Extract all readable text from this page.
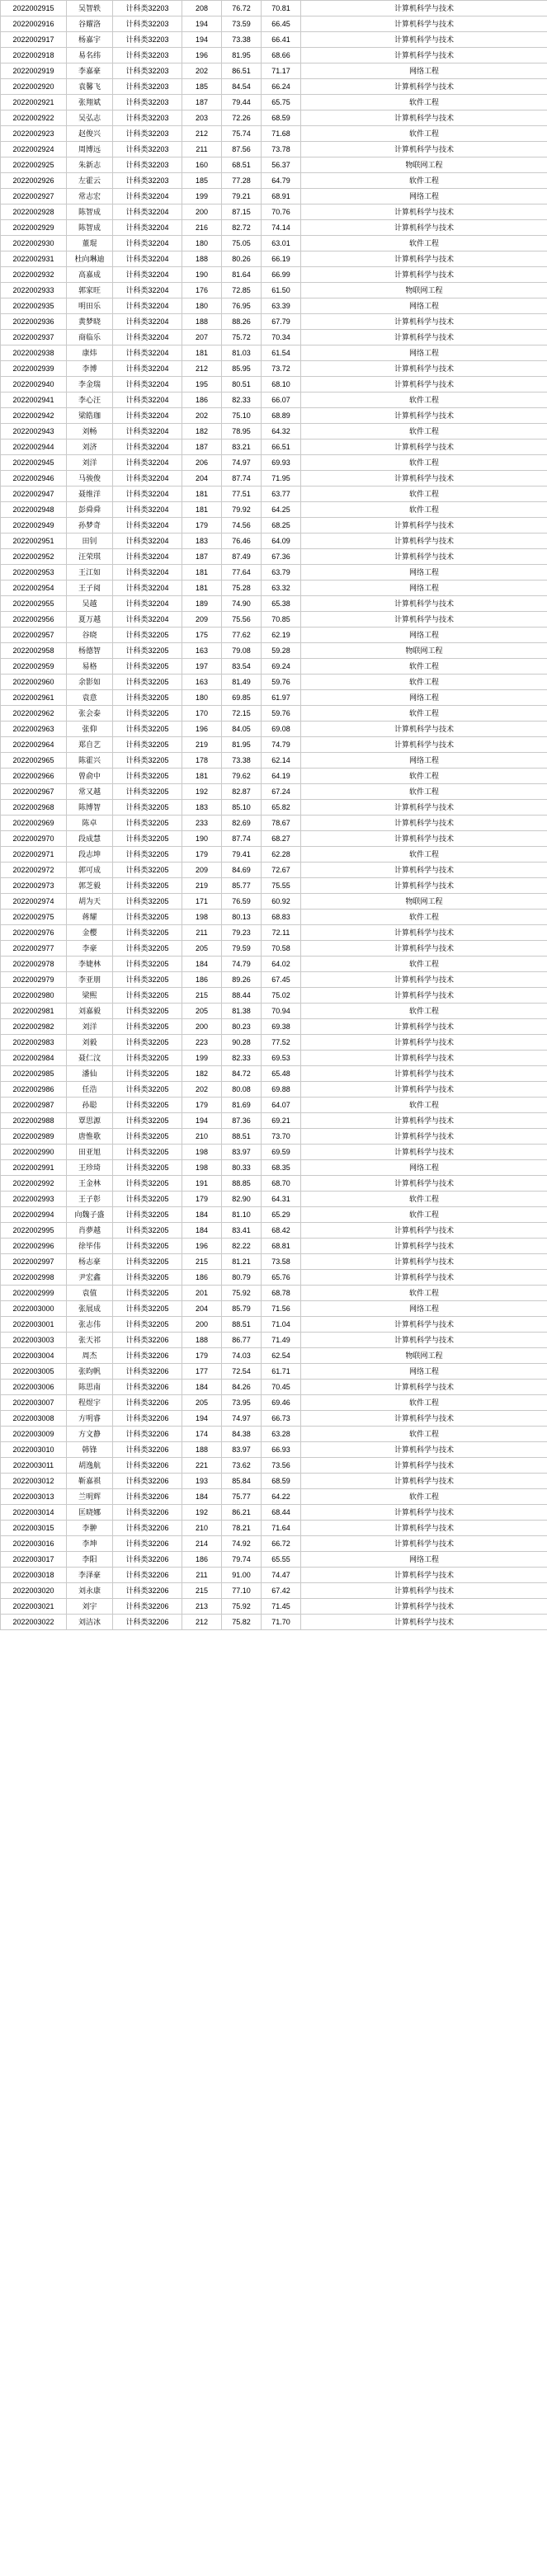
2022002915	吴智轶	计科类32203	208	76.72	70.81	计算机科学与技术
2022002916	谷耀洛	计科类32203	194	73.59	66.45	计算机科学与技术
2022002917	杨嘉宇	计科类32203	194	73.38	66.41	计算机科学与技术
2022002918	易名纬	计科类32203	196	81.95	68.66	计算机科学与技术
2022002919	李嘉豪	计科类32203	202	86.51	71.17	网络工程
2022002920	袁馨飞	计科类32203	185	84.54	66.24	计算机科学与技术
2022002921	张翔斌	计科类32203	187	79.44	65.75	软件工程
2022002922	吴弘志	计科类32203	203	72.26	68.59	计算机科学与技术
2022002923	赵俊兴	计科类32203	212	75.74	71.68	软件工程
2022002924	周博远	计科类32203	211	87.56	73.78	计算机科学与技术
2022002925	朱新志	计科类32203	160	68.51	56.37	物联网工程
2022002926	左霍云	计科类32203	185	77.28	64.79	软件工程
2022002927	常志宏	计科类32204	199	79.21	68.91	网络工程
2022002928	陈智成	计科类32204	200	87.15	70.76	计算机科学与技术
2022002929	陈智成	计科类32204	216	82.72	74.14	计算机科学与技术
2022002930	董琨	计科类32204	180	75.05	63.01	软件工程
2022002931	杜向琳迪	计科类32204	188	80.26	66.19	计算机科学与技术
2022002932	高嘉成	计科类32204	190	81.64	66.99	计算机科学与技术
2022002933	郭家旺	计科类32204	176	72.85	61.50	物联网工程
2022002935	明田乐	计科类32204	180	76.95	63.39	网络工程
2022002936	黄梦晓	计科类32204	188	88.26	67.79	计算机科学与技术
2022002937	商临乐	计科类32204	207	75.72	70.34	计算机科学与技术
2022002938	康炜	计科类32204	181	81.03	61.54	网络工程
2022002939	李博	计科类32204	212	85.95	73.72	计算机科学与技术
2022002940	李金瑞	计科类32204	195	80.51	68.10	计算机科学与技术
2022002941	李心汪	计科类32204	186	82.33	66.07	软件工程
2022002942	梁皓珈	计科类32204	202	75.10	68.89	计算机科学与技术
2022002943	刘畅	计科类32204	182	78.95	64.32	软件工程
2022002944	刘济	计科类32204	187	83.21	66.51	计算机科学与技术
2022002945	刘洋	计科类32204	206	74.97	69.93	软件工程
2022002946	马骏俊	计科类32204	204	87.74	71.95	计算机科学与技术
2022002947	聂维洋	计科类32204	181	77.51	63.77	软件工程
2022002948	彭舜舜	计科类32204	181	79.92	64.25	软件工程
2022002949	孙梦奇	计科类32204	179	74.56	68.25	计算机科学与技术
2022002951	田钊	计科类32204	183	76.46	64.09	计算机科学与技术
2022002952	汪荣琪	计科类32204	187	87.49	67.36	计算机科学与技术
2022002953	王江如	计科类32204	181	77.64	63.79	网络工程
2022002954	王子阅	计科类32204	181	75.28	63.32	网络工程
2022002955	吴越	计科类32204	189	74.90	65.38	计算机科学与技术
2022002956	夏万越	计科类32204	209	75.56	70.85	计算机科学与技术
2022002957	谷晓	计科类32205	175	77.62	62.19	网络工程
2022002958	杨德智	计科类32205	163	79.08	59.28	物联网工程
2022002959	易格	计科类32205	197	83.54	69.24	软件工程
2022002960	余影如	计科类32205	163	81.49	59.76	软件工程
2022002961	袁意	计科类32205	180	69.85	61.97	网络工程
2022002962	张会泰	计科类32205	170	72.15	59.76	软件工程
2022002963	张仰	计科类32205	196	84.05	69.08	计算机科学与技术
2022002964	郑自艺	计科类32205	219	81.95	74.79	计算机科学与技术
2022002965	陈霍兴	计科类32205	178	73.38	62.14	网络工程
2022002966	曾俞中	计科类32205	181	79.62	64.19	软件工程
2022002967	常又越	计科类32205	192	82.87	67.24	软件工程
2022002968	陈博智	计科类32205	183	85.10	65.82	计算机科学与技术
2022002969	陈卓	计科类32205	233	82.69	78.67	计算机科学与技术
2022002970	段成慧	计科类32205	190	87.74	68.27	计算机科学与技术
2022002971	段志坤	计科类32205	179	79.41	62.28	软件工程
2022002972	郭可成	计科类32205	209	84.69	72.67	计算机科学与技术
2022002973	郭芝毅	计科类32205	219	85.77	75.55	计算机科学与技术
2022002974	胡为天	计科类32205	171	76.59	60.92	物联网工程
2022002975	蒋耀	计科类32205	198	80.13	68.83	软件工程
2022002976	金樱	计科类32205	211	79.23	72.11	计算机科学与技术
2022002977	李豪	计科类32205	205	79.59	70.58	计算机科学与技术
2022002978	李婕林	计科类32205	184	74.79	64.02	软件工程
2022002979	李亚朋	计科类32205	186	89.26	67.45	计算机科学与技术
2022002980	梁熙	计科类32205	215	88.44	75.02	计算机科学与技术
2022002981	刘嘉毅	计科类32205	205	81.38	70.94	软件工程
2022002982	刘洋	计科类32205	200	80.23	69.38	计算机科学与技术
2022002983	刘毅	计科类32205	223	90.28	77.52	计算机科学与技术
2022002984	聂仁汶	计科类32205	199	82.33	69.53	计算机科学与技术
2022002985	潘仙	计科类32205	182	84.72	65.48	计算机科学与技术
2022002986	任浩	计科类32205	202	80.08	69.88	计算机科学与技术
2022002987	孙聪	计科类32205	179	81.69	64.07	软件工程
2022002988	覃思源	计科类32205	194	87.36	69.21	计算机科学与技术
2022002989	唐惟歌	计科类32205	210	88.51	73.70	计算机科学与技术
2022002990	田亚旭	计科类32205	198	83.97	69.59	计算机科学与技术
2022002991	王珍琦	计科类32205	198	80.33	68.35	网络工程
2022002992	王金林	计科类32205	191	88.85	68.70	计算机科学与技术
2022002993	王子彰	计科类32205	179	82.90	64.31	软件工程
2022002994	向魏子盛	计科类32205	184	81.10	65.29	软件工程
2022002995	肖夢越	计科类32205	184	83.41	68.42	计算机科学与技术
2022002996	徐毕伟	计科类32205	196	82.22	68.81	计算机科学与技术
2022002997	杨志豪	计科类32205	215	81.21	73.58	计算机科学与技术
2022002998	尹宏鑫	计科类32205	186	80.79	65.76	计算机科学与技术
2022002999	袁值	计科类32205	201	75.92	68.78	软件工程
2022003000	张展成	计科类32205	204	85.79	71.56	网络工程
2022003001	张志伟	计科类32205	200	88.51	71.04	计算机科学与技术
2022003003	张天祁	计科类32206	188	86.77	71.49	计算机科学与技术
2022003004	周杰	计科类32206	179	74.03	62.54	物联网工程
2022003005	张昀帆	计科类32206	177	72.54	61.71	网络工程
2022003006	陈思南	计科类32206	184	84.26	70.45	计算机科学与技术
2022003007	程煜宇	计科类32206	205	73.95	69.46	软件工程
2022003008	方明睿	计科类32206	194	74.97	66.73	计算机科学与技术
2022003009	方文静	计科类32206	174	84.38	63.28	软件工程
2022003010	韩锋	计科类32206	188	83.97	66.93	计算机科学与技术
2022003011	胡逸航	计科类32206	221	73.62	73.56	计算机科学与技术
2022003012	靳嘉祺	计科类32206	193	85.84	68.59	计算机科学与技术
2022003013	兰明辉	计科类32206	184	75.77	64.22	软件工程
2022003014	匡晓娜	计科类32206	192	86.21	68.44	计算机科学与技术
2022003015	李翀	计科类32206	210	78.21	71.64	计算机科学与技术
2022003016	李坤	计科类32206	214	74.92	66.72	计算机科学与技术
2022003017	李阳	计科类32206	186	79.74	65.55	网络工程
2022003018	李泽豪	计科类32206	211	91.00	74.47	计算机科学与技术
2022003020	刘永康	计科类32206	215	77.10	67.42	计算机科学与技术
2022003021	刘宇	计科类32206	213	75.92	71.45	计算机科学与技术
2022003022	刘洁冰	计科类32206	212	75.82	71.70	计算机科学与技术
